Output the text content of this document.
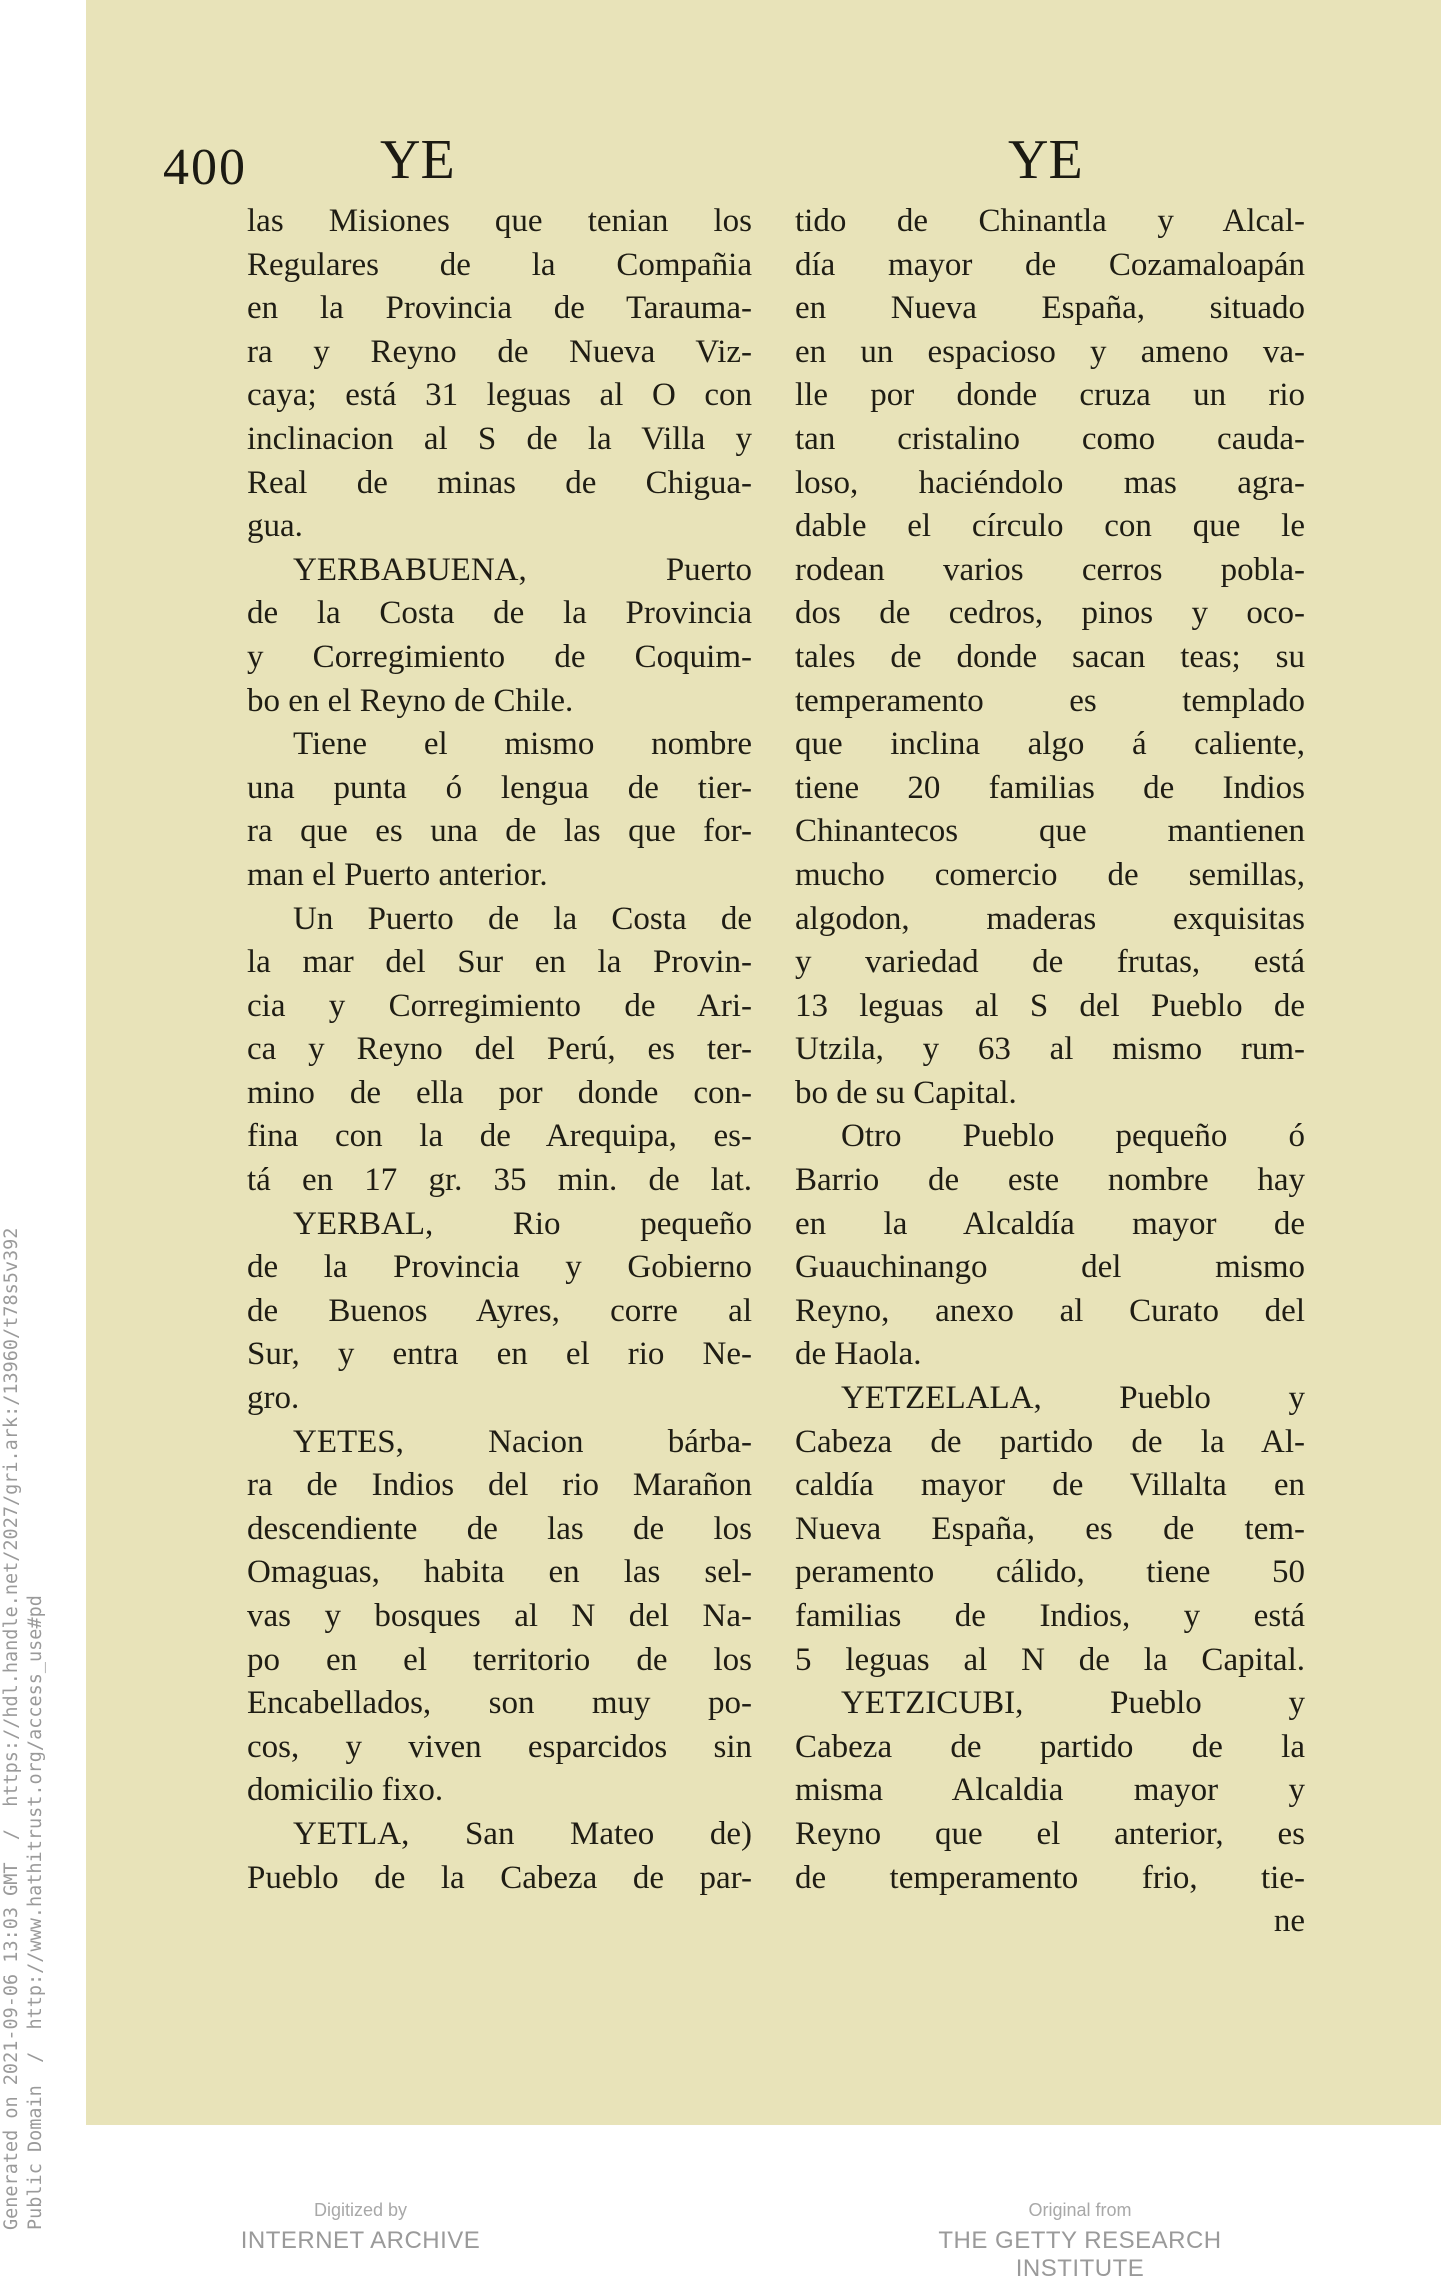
400 YE	YE
las Misiones que tenian los
Regulares de la Compañia
en la Provincia de Tarauma-
ra y Reyno de Nueva Viz-
caya; está 31 leguas al O con
inclinacion al S de la Villa y
Real de minas de Chigua-
gua.
YERBABUENA, Puerto
de la Costa de la Provincia
y Corregimiento de Coquim-
bo en el Reyno de Chile.
Tiene el mismo nombre
una punta ó lengua de tier-
ra que es una de las que for-
man el Puerto anterior.
Un Puerto de la Costa de
la mar del Sur en la Provin-
cia y Corregimiento de Ari-
ca y Reyno del Perú, es ter-
mino de ella por donde con-
fina con la de Arequipa, es-
tá en 17 gr. 35 min. de lat.
YERBAL, Rio pequeño
de la Provincia y Gobierno
de Buenos Ayres, corre al
Sur, y entra en el rio Ne-
gro.
YETES, Nacion bárba-
ra de Indios del rio Marañon
descendiente de las de los
Omaguas, habita en las sel-
vas y bosques al N del Na-
po en el territorio de los
Encabellados, son muy po-
cos, y viven esparcidos sin
domicilio fixo.
YETLA, San Mateo de)
Pueblo de la Cabeza de par-
tido de Chinantla y Alcal-
día mayor de Cozamaloapán
en Nueva España, situado
en un espacioso y ameno va-
lle por donde cruza un rio
tan cristalino como cauda-
loso, haciéndolo mas agra-
dable el círculo con que le
rodean varios cerros pobla-
dos de cedros, pinos y oco-
tales de donde sacan teas; su
temperamento es templado
que inclina algo á caliente,
tiene 20 familias de Indios
Chinantecos que mantienen
mucho comercio de semillas,
algodon, maderas exquisitas
y variedad de frutas, está
13 leguas al S del Pueblo de
Utzila, y 63 al mismo rum-
bo de su Capital.
Otro Pueblo pequeño ó
Barrio de este nombre hay
en la Alcaldía mayor de
Guauchinango del mismo
Reyno, anexo al Curato del
de Haola.
YETZELALA, Pueblo y
Cabeza de partido de la Al-
caldía mayor de Villalta en
Nueva España, es de tem-
peramento cálido, tiene 50
familias de Indios, y está
5 leguas al N de la Capital.
YETZICUBI, Pueblo y
Cabeza de partido de la
misma Alcaldia mayor y
Reyno que el anterior, es
de temperamento frio, tie-
ne
Generated on 2021-09-06 13:03 GMT  /  https://hdl.handle.net/2027/gri.ark:/13960/t78s5v392 Public Domain  /  http://www.hathitrust.org/access_use#pd	Digitized by
INTERNET ARCHIVE
Original from
THE GETTY RESEARCH INSTITUTE
